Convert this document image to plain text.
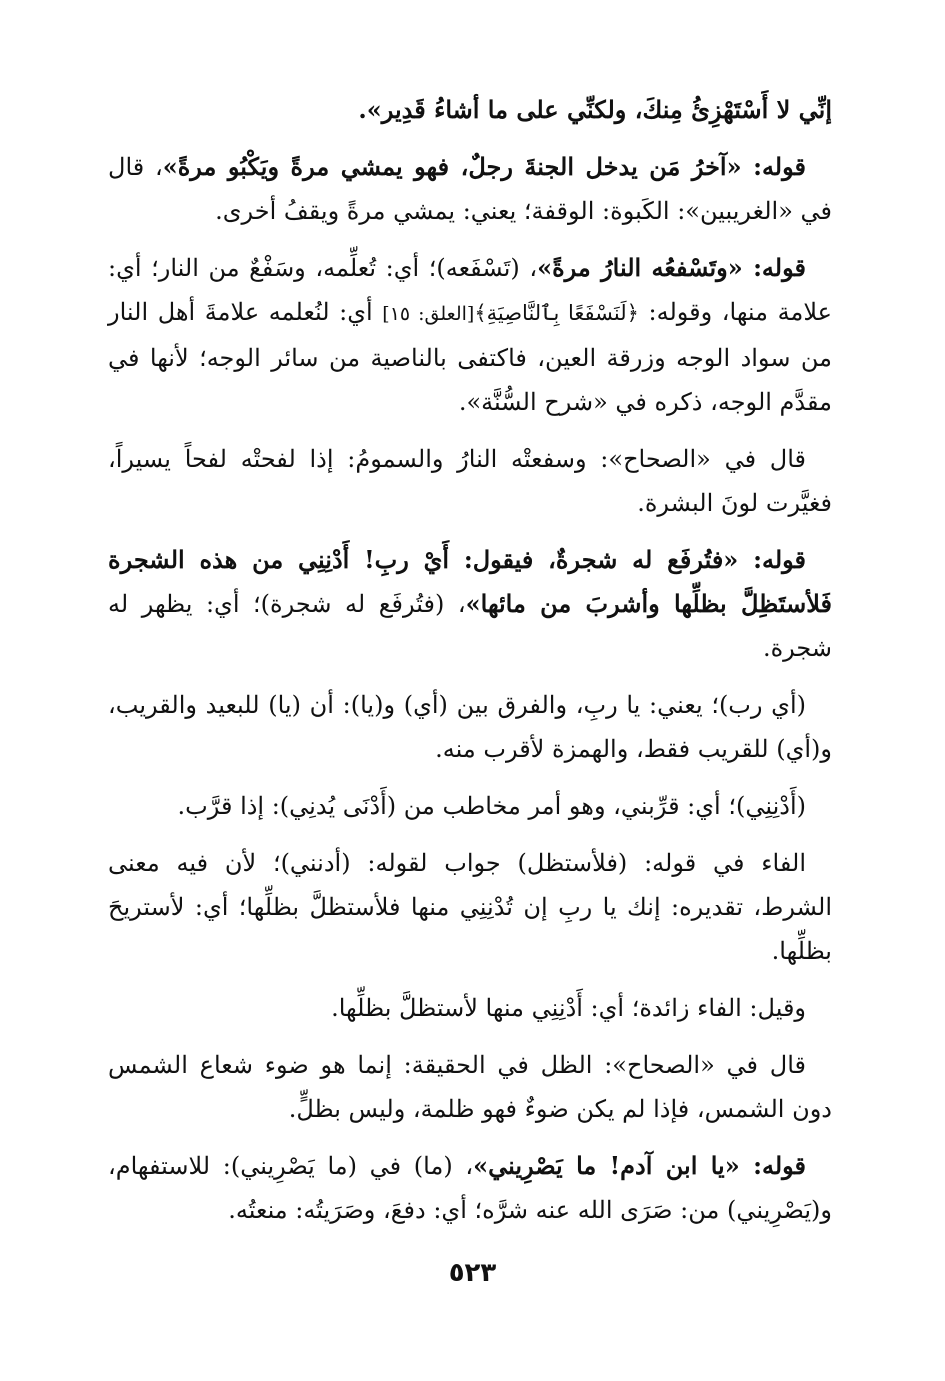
إنِّي لا أَسْتَهْزِئُ مِنكَ، ولكنِّي على ما أشاءُ قَدِير».

قوله: «آخرُ مَن يدخل الجنةَ رجلٌ، فهو يمشي مرةً ويَكْبُو مرةً»، قال في «الغريبين»: الكَبوة: الوقفة؛ يعني: يمشي مرةً ويقفُ أخرى.

قوله: «وتَسْفعُه النارُ مرةً»، (تَسْفَعه)؛ أي: تُعلِّمه، وسَفْعٌ من النار؛ أي: علامة منها، وقوله: ﴿لَنَسْفَعًا بِٱلنَّاصِيَةِ﴾[العلق: ١٥] أي: لنُعلمه علامةَ أهل النار من سواد الوجه وزرقة العين، فاكتفى بالناصية من سائر الوجه؛ لأنها في مقدَّم الوجه، ذكره في «شرح السُّنَّة».

قال في «الصحاح»: وسفعتْه النارُ والسمومُ: إذا لفحتْه لفحاً يسيراً، فغيَّرت لونَ البشرة.

قوله: «فتُرفَع له شجرةٌ، فيقول: أَيْ ربِ! أَدْنِنِي من هذه الشجرة فَلأستَظِلَّ بظلِّها وأشربَ من مائها»، (فتُرفَع له شجرة)؛ أي: يظهر له شجرة.

(أي رب)؛ يعني: يا ربِ، والفرق بين (أي) و(يا): أن (يا) للبعيد والقريب، و(أي) للقريب فقط، والهمزة لأقرب منه.

(أَدْنِنِي)؛ أي: قرِّبني، وهو أمر مخاطب من (أَدْنَى يُدنِي): إذا قرَّب.

الفاء في قوله: (فلأستظل) جواب لقوله: (أدنني)؛ لأن فيه معنى الشرط، تقديره: إنك يا ربِ إن تُدْنِنِي منها فلأستظلَّ بظلِّها؛ أي: لأستريحَ بظلِّها.

وقيل: الفاء زائدة؛ أي: أَدْنِنِي منها لأستظلَّ بظلِّها.

قال في «الصحاح»: الظل في الحقيقة: إنما هو ضوء شعاع الشمس دون الشمس، فإذا لم يكن ضوءٌ فهو ظلمة، وليس بظلٍّ.

قوله: «يا ابن آدم! ما يَصْرِيني»، (ما) في (ما يَصْرِيني): للاستفهام، و(يَصْرِيني) من: صَرَى الله عنه شرَّه؛ أي: دفعَ، وصَرَيتُه: منعتُه.

٥٢٣
